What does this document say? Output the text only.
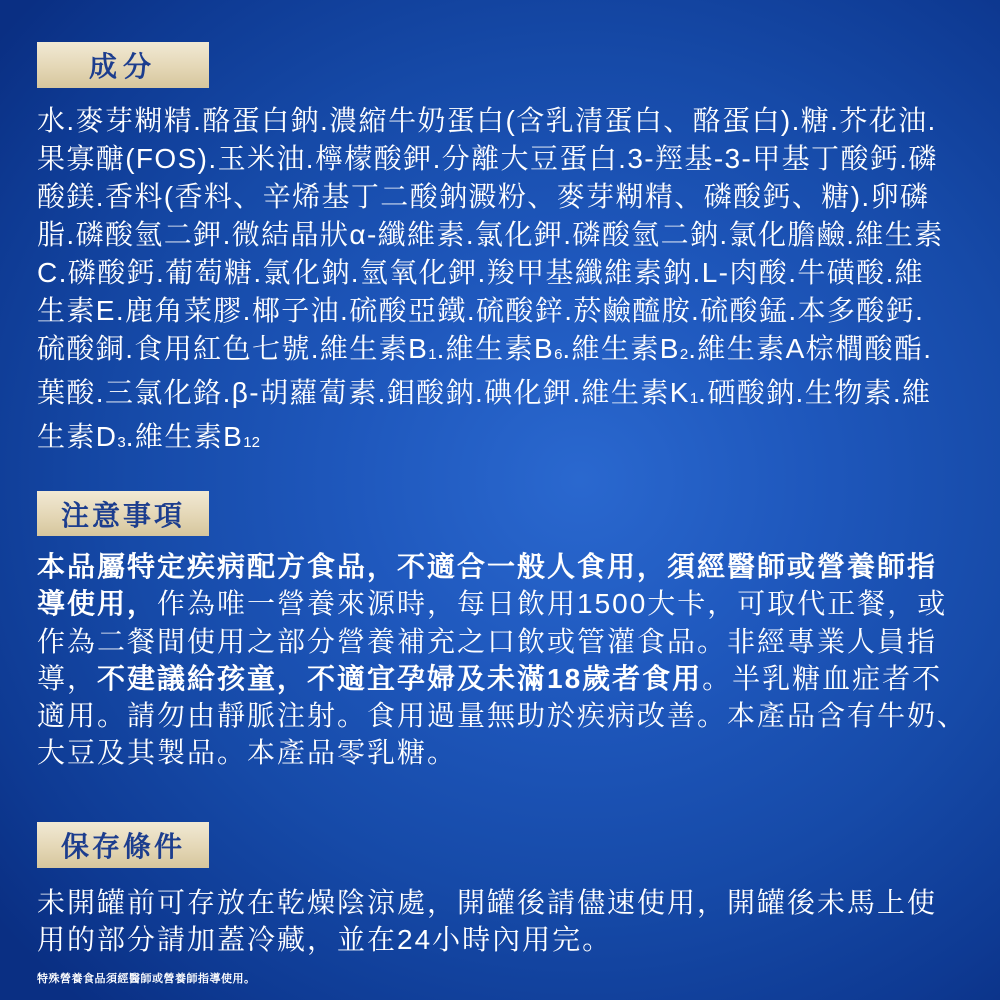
成分
水.麥芽糊精.酪蛋白鈉.濃縮牛奶蛋白(含乳清蛋白、酪蛋白).糖.芥花油.
果寡醣(FOS).玉米油.檸檬酸鉀.分離大豆蛋白.3-羥基-3-甲基丁酸鈣.磷
酸鎂.香料(香料、辛烯基丁二酸鈉澱粉、麥芽糊精、磷酸鈣、糖).卵磷
脂.磷酸氫二鉀.微結晶狀α-纖維素.氯化鉀.磷酸氫二鈉.氯化膽鹼.維生素
C.磷酸鈣.葡萄糖.氯化鈉.氫氧化鉀.羧甲基纖維素鈉.L-肉酸.牛磺酸.維
生素E.鹿角菜膠.椰子油.硫酸亞鐵.硫酸鋅.菸鹼醯胺.硫酸錳.本多酸鈣.
硫酸銅.食用紅色七號.維生素B1.維生素B6.維生素B2.維生素A棕櫚酸酯.
葉酸.三氯化鉻.β-胡蘿蔔素.鉬酸鈉.碘化鉀.維生素K1.硒酸鈉.生物素.維
生素D3.維生素B12
注意事項
本品屬特定疾病配方食品，不適合一般人食用，須經醫師或營養師指
導使用，作為唯一營養來源時，每日飲用1500大卡，可取代正餐，或
作為二餐間使用之部分營養補充之口飲或管灌食品。非經專業人員指
導，不建議給孩童，不適宜孕婦及未滿18歲者食用。半乳糖血症者不
適用。請勿由靜脈注射。食用過量無助於疾病改善。本產品含有牛奶、
大豆及其製品。本產品零乳糖。
保存條件
未開罐前可存放在乾燥陰涼處，開罐後請儘速使用，開罐後未馬上使
用的部分請加蓋冷藏，並在24小時內用完。
特殊營養食品須經醫師或營養師指導使用。
